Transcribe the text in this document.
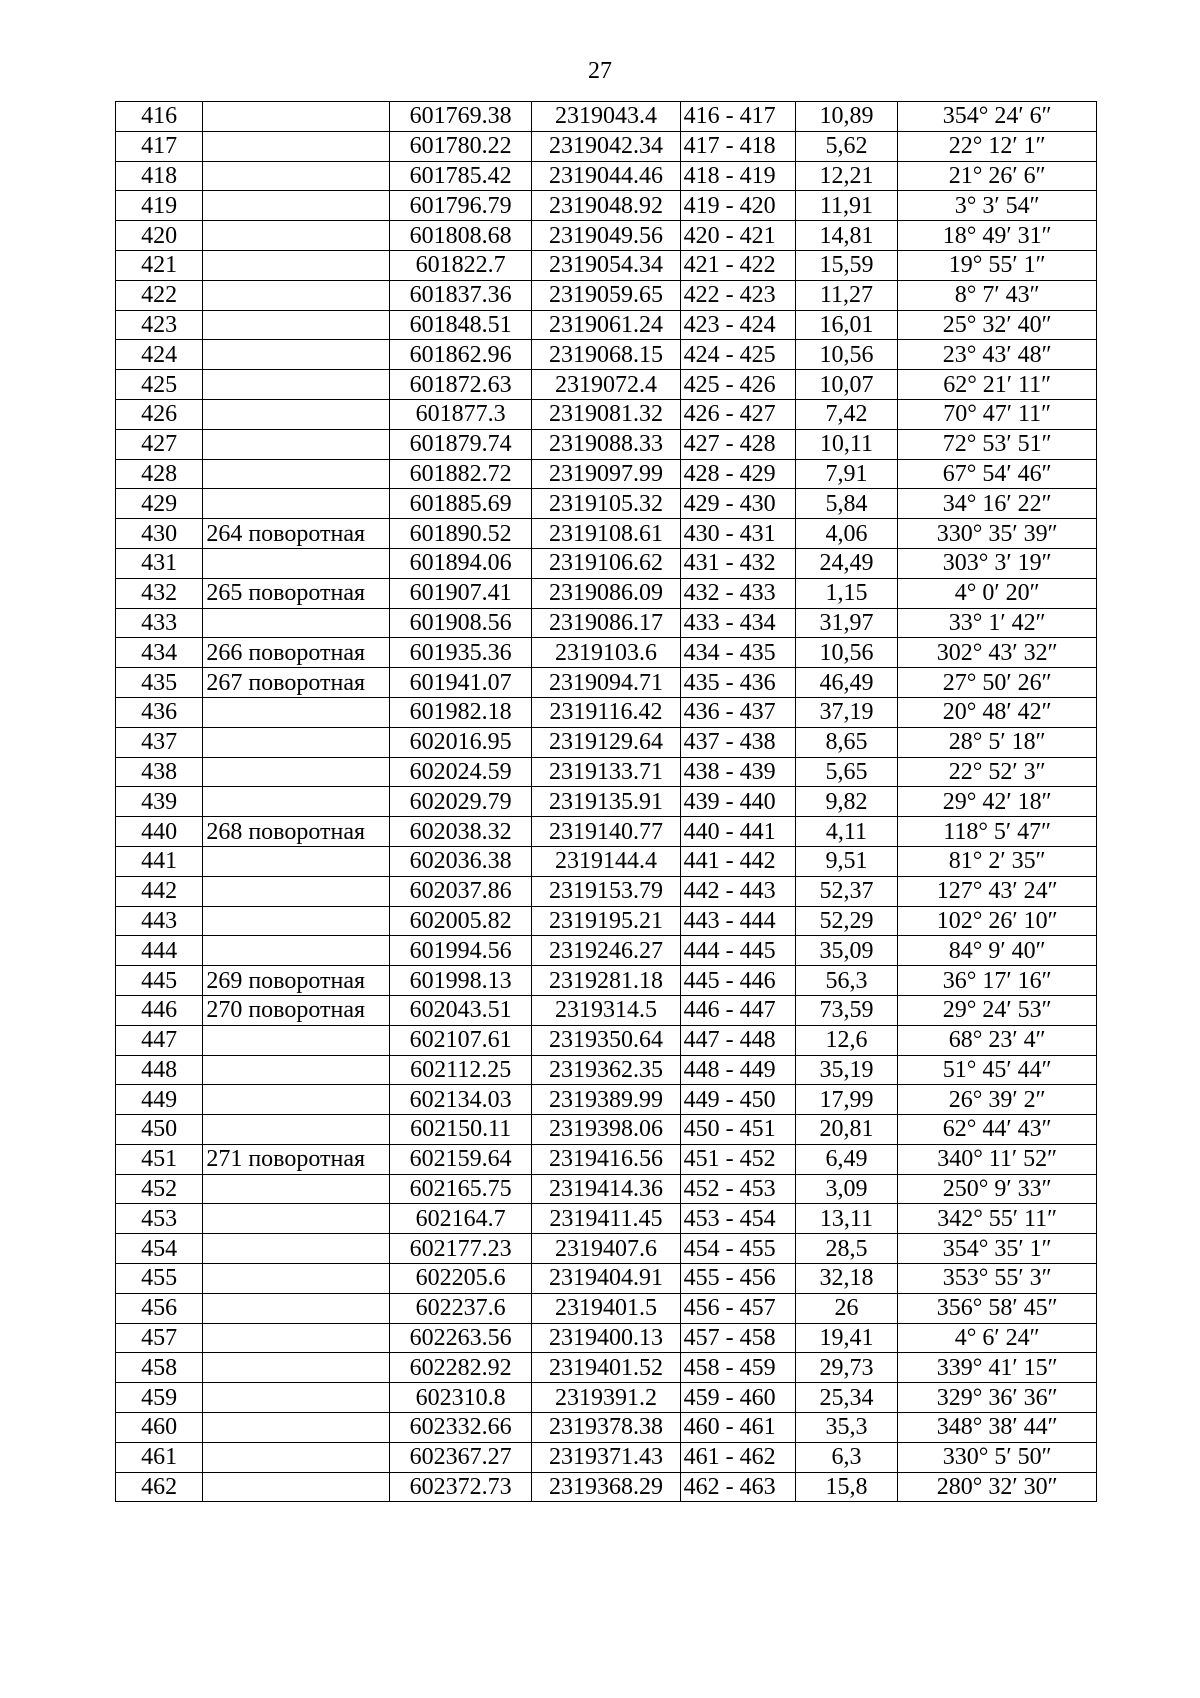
27
416		601769.38	2319043.4	416 - 417	10,89	354° 24′ 6″
417		601780.22	2319042.34	417 - 418	5,62	22° 12′ 1″
418		601785.42	2319044.46	418 - 419	12,21	21° 26′ 6″
419		601796.79	2319048.92	419 - 420	11,91	3° 3′ 54″
420		601808.68	2319049.56	420 - 421	14,81	18° 49′ 31″
421		601822.7	2319054.34	421 - 422	15,59	19° 55′ 1″
422		601837.36	2319059.65	422 - 423	11,27	8° 7′ 43″
423		601848.51	2319061.24	423 - 424	16,01	25° 32′ 40″
424		601862.96	2319068.15	424 - 425	10,56	23° 43′ 48″
425		601872.63	2319072.4	425 - 426	10,07	62° 21′ 11″
426		601877.3	2319081.32	426 - 427	7,42	70° 47′ 11″
427		601879.74	2319088.33	427 - 428	10,11	72° 53′ 51″
428		601882.72	2319097.99	428 - 429	7,91	67° 54′ 46″
429		601885.69	2319105.32	429 - 430	5,84	34° 16′ 22″
430	264 поворотная	601890.52	2319108.61	430 - 431	4,06	330° 35′ 39″
431		601894.06	2319106.62	431 - 432	24,49	303° 3′ 19″
432	265 поворотная	601907.41	2319086.09	432 - 433	1,15	4° 0′ 20″
433		601908.56	2319086.17	433 - 434	31,97	33° 1′ 42″
434	266 поворотная	601935.36	2319103.6	434 - 435	10,56	302° 43′ 32″
435	267 поворотная	601941.07	2319094.71	435 - 436	46,49	27° 50′ 26″
436		601982.18	2319116.42	436 - 437	37,19	20° 48′ 42″
437		602016.95	2319129.64	437 - 438	8,65	28° 5′ 18″
438		602024.59	2319133.71	438 - 439	5,65	22° 52′ 3″
439		602029.79	2319135.91	439 - 440	9,82	29° 42′ 18″
440	268 поворотная	602038.32	2319140.77	440 - 441	4,11	118° 5′ 47″
441		602036.38	2319144.4	441 - 442	9,51	81° 2′ 35″
442		602037.86	2319153.79	442 - 443	52,37	127° 43′ 24″
443		602005.82	2319195.21	443 - 444	52,29	102° 26′ 10″
444		601994.56	2319246.27	444 - 445	35,09	84° 9′ 40″
445	269 поворотная	601998.13	2319281.18	445 - 446	56,3	36° 17′ 16″
446	270 поворотная	602043.51	2319314.5	446 - 447	73,59	29° 24′ 53″
447		602107.61	2319350.64	447 - 448	12,6	68° 23′ 4″
448		602112.25	2319362.35	448 - 449	35,19	51° 45′ 44″
449		602134.03	2319389.99	449 - 450	17,99	26° 39′ 2″
450		602150.11	2319398.06	450 - 451	20,81	62° 44′ 43″
451	271 поворотная	602159.64	2319416.56	451 - 452	6,49	340° 11′ 52″
452		602165.75	2319414.36	452 - 453	3,09	250° 9′ 33″
453		602164.7	2319411.45	453 - 454	13,11	342° 55′ 11″
454		602177.23	2319407.6	454 - 455	28,5	354° 35′ 1″
455		602205.6	2319404.91	455 - 456	32,18	353° 55′ 3″
456		602237.6	2319401.5	456 - 457	26	356° 58′ 45″
457		602263.56	2319400.13	457 - 458	19,41	4° 6′ 24″
458		602282.92	2319401.52	458 - 459	29,73	339° 41′ 15″
459		602310.8	2319391.2	459 - 460	25,34	329° 36′ 36″
460		602332.66	2319378.38	460 - 461	35,3	348° 38′ 44″
461		602367.27	2319371.43	461 - 462	6,3	330° 5′ 50″
462		602372.73	2319368.29	462 - 463	15,8	280° 32′ 30″
